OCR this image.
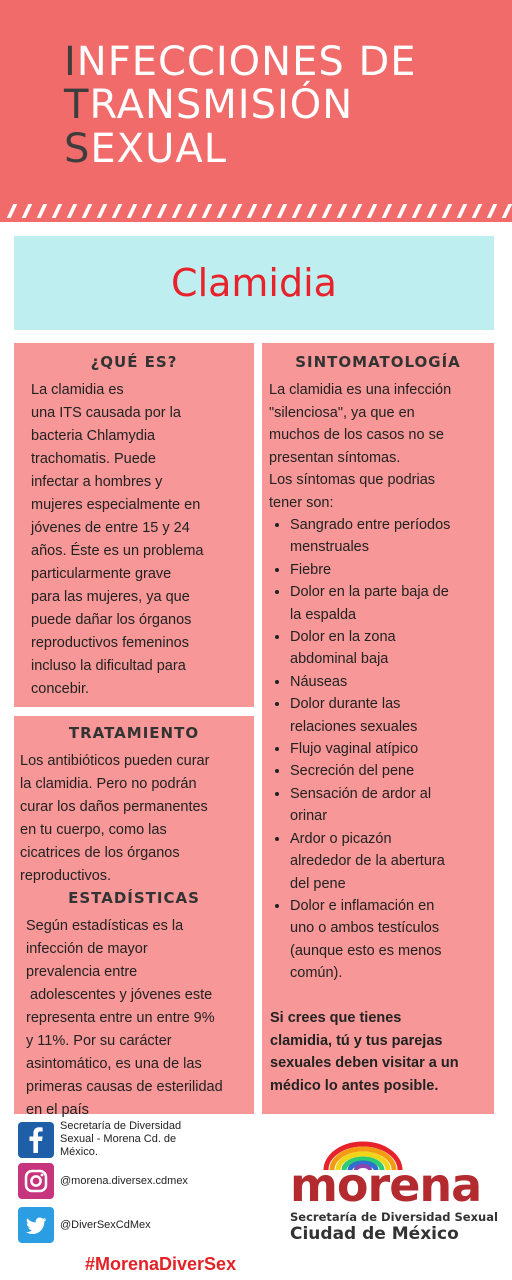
INFECCIONES DE
TRANSMISIÓN
SEXUAL
Clamidia
¿QUÉ ES?
La clamidia es
una ITS causada por la
bacteria Chlamydia
trachomatis. Puede
infectar a hombres y
mujeres especialmente en
jóvenes de entre 15 y 24
años. Éste es un problema
particularmente grave
para las mujeres, ya que
puede dañar los órganos
reproductivos femeninos
incluso la dificultad para
concebir.
TRATAMIENTO
Los antibióticos pueden curar
la clamidia. Pero no podrán
curar los daños permanentes
en tu cuerpo, como las
cicatrices de los órganos
reproductivos.
ESTADÍSTICAS
Según estadísticas es la
infección de mayor
prevalencia entre
adolescentes y jóvenes este
representa entre un entre 9%
y 11%. Por su carácter
asintomático, es una de las
primeras causas de esterilidad
en el país
SINTOMATOLOGÍA
La clamidia es una infección
"silenciosa", ya que en
muchos de los casos no se
presentan síntomas.
Los síntomas que podrias
tener son:
• Sangrado entre períodos
menstruales
• Fiebre
• Dolor en la parte baja de
la espalda
• Dolor en la zona
abdominal baja
• Náuseas
• Dolor durante las
relaciones sexuales
• Flujo vaginal atípico
• Secreción del pene
• Sensación de ardor al
orinar
• Ardor o picazón
alrededor de la abertura
del pene
• Dolor e inflamación en
uno o ambos testículos
(aunque esto es menos
común).
Si crees que tienes
clamidia, tú y tus parejas
sexuales deben visitar a un
médico lo antes posible.
Secretaría de Diversidad
Sexual - Morena Cd. de
México.
@morena.diversex.cdmex
@DiverSexCdMex
#MorenaDiverSex
morena
Secretaría de Diversidad Sexual
Ciudad de México
